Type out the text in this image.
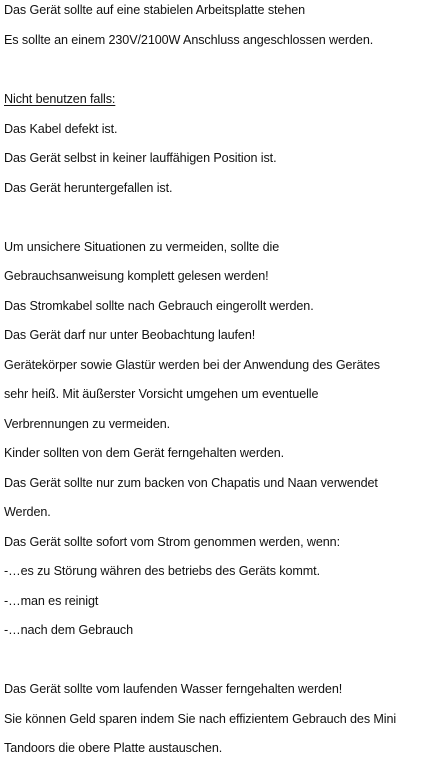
Das Gerät sollte auf eine stabielen Arbeitsplatte stehen
Es sollte an einem 230V/2100W Anschluss angeschlossen werden.
Nicht benutzen falls:
Das Kabel defekt ist.
Das Gerät selbst in keiner lauffähigen Position ist.
Das Gerät heruntergefallen ist.
Um unsichere Situationen zu vermeiden, sollte die
Gebrauchsanweisung komplett gelesen werden!
Das Stromkabel sollte nach Gebrauch eingerollt werden.
Das Gerät darf nur unter Beobachtung laufen!
Gerätekörper sowie Glastür werden bei der Anwendung des Gerätes
sehr heiß. Mit äußerster Vorsicht umgehen um eventuelle
Verbrennungen zu vermeiden.
Kinder sollten von dem Gerät ferngehalten werden.
Das Gerät sollte nur zum backen von Chapatis und Naan verwendet
Werden.
Das Gerät sollte sofort vom Strom genommen werden, wenn:
-…es zu Störung währen des betriebs des Geräts kommt.
-…man es reinigt
-…nach dem Gebrauch
Das Gerät sollte vom laufenden Wasser ferngehalten werden!
Sie können Geld sparen indem Sie nach effizientem Gebrauch des Mini
Tandoors die obere Platte austauschen.
